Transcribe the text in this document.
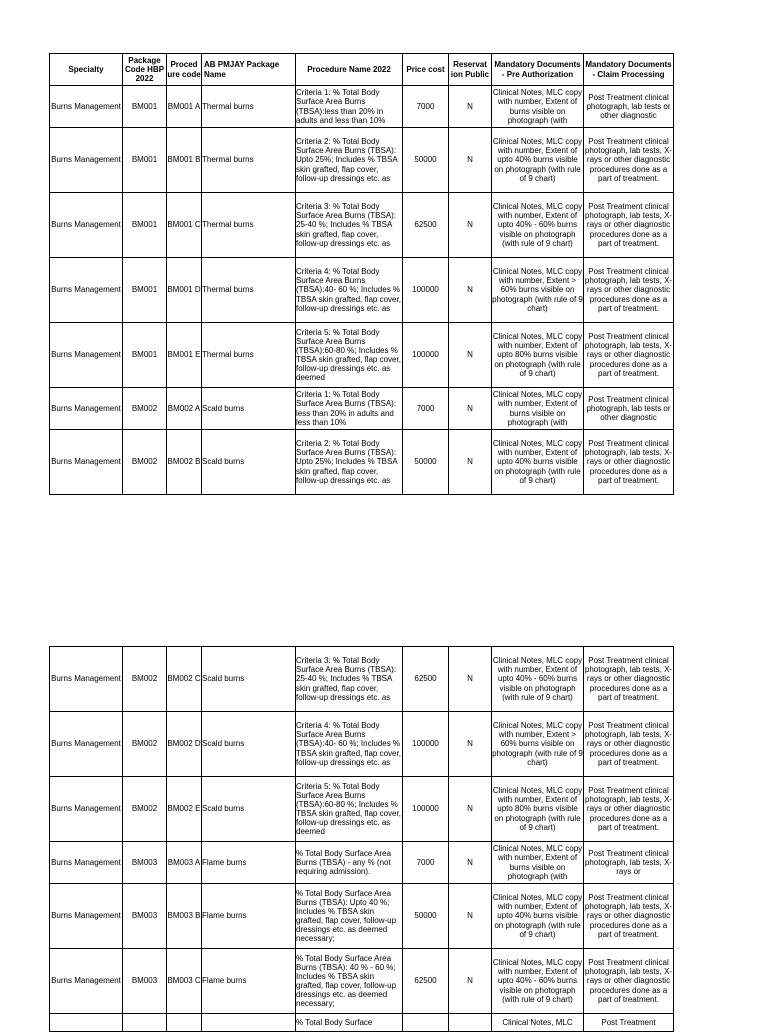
Specialty	Package Code HBP 2022	Proced ure code	AB PMJAY Package Name	Procedure Name 2022	Price cost	Reservat ion Public	Mandatory Documents - Pre Authorization	Mandatory Documents - Claim Processing

Burns Management	BM001	BM001 A	Thermal burns	Criteria 1: % Total Body Surface Area Burns (TBSA):less than 20% in adults and less than 10%	7000	N	Clinical Notes, MLC copy with number, Extent of burns visible on photograph (with	Post Treatment clinical photograph, lab tests or other diagnostic

Burns Management	BM001	BM001 B	Thermal burns	Criteria 2: % Total Body Surface Area Burns (TBSA): Upto 25%; Includes % TBSA skin grafted, flap cover, follow-up dressings etc. as	50000	N	Clinical Notes, MLC copy with number, Extent of upto 40% burns visible on photograph (with rule of 9 chart)	Post Treatment clinical photograph, lab tests, X-rays or other diagnostic procedures done as a part of treatment.

Burns Management	BM001	BM001 C	Thermal burns	Criteria 3: % Total Body Surface Area Burns (TBSA): 25-40 %; Includes % TBSA skin grafted, flap cover, follow-up dressings etc. as	62500	N	Clinical Notes, MLC copy with number, Extent of upto 40% - 60% burns visible on photograph (with rule of 9 chart)	Post Treatment clinical photograph, lab tests, X-rays or other diagnostic procedures done as a part of treatment.

Burns Management	BM001	BM001 D	Thermal burns	Criteria 4: % Total Body Surface Area Burns (TBSA):40- 60 %; Includes % TBSA skin grafted, flap cover, follow-up dressings etc. as	100000	N	Clinical Notes, MLC copy with number, Extent > 60% burns visible on photograph (with rule of 9 chart)	Post Treatment clinical photograph, lab tests, X-rays or other diagnostic procedures done as a part of treatment.

Burns Management	BM001	BM001 E	Thermal burns	Criteria 5: % Total Body Surface Area Burns (TBSA):60-80 %; Includes % TBSA skin grafted, flap cover, follow-up dressings etc. as deemed	100000	N	Clinical Notes, MLC copy with number, Extent of upto 80% burns visible on photograph (with rule of 9 chart)	Post Treatment clinical photograph, lab tests, X-rays or other diagnostic procedures done as a part of treatment.

Burns Management	BM002	BM002 A	Scald burns	Criteria 1: % Total Body Surface Area Burns (TBSA): less than 20% in adults and less than 10%	7000	N	Clinical Notes, MLC copy with number, Extent of burns visible on photograph (with	Post Treatment clinical photograph, lab tests or other diagnostic

Burns Management	BM002	BM002 B	Scald burns	Criteria 2: % Total Body Surface Area Burns (TBSA): Upto 25%; Includes % TBSA skin grafted, flap cover, follow-up dressings etc. as	50000	N	Clinical Notes, MLC copy with number, Extent of upto 40% burns visible on photograph (with rule of 9 chart)	Post Treatment clinical photograph, lab tests, X-rays or other diagnostic procedures done as a part of treatment.
Burns Management	BM002	BM002 C	Scald burns	Criteria 3: % Total Body Surface Area Burns (TBSA): 25-40 %; Includes % TBSA skin grafted, flap cover, follow-up dressings etc. as	62500	N	Clinical Notes, MLC copy with number, Extent of upto 40% - 60% burns visible on photograph (with rule of 9 chart)	Post Treatment clinical photograph, lab tests, X-rays or other diagnostic procedures done as a part of treatment.

Burns Management	BM002	BM002 D	Scald burns	Criteria 4: % Total Body Surface Area Burns (TBSA):40- 60 %; Includes % TBSA skin grafted, flap cover, follow-up dressings etc. as	100000	N	Clinical Notes, MLC copy with number, Extent > 60% burns visible on photograph (with rule of 9 chart)	Post Treatment clinical photograph, lab tests, X-rays or other diagnostic procedures done as a part of treatment.

Burns Management	BM002	BM002 E	Scald burns	Criteria 5: % Total Body Surface Area Burns (TBSA):60-80 %; Includes % TBSA skin grafted, flap cover, follow-up dressings etc. as deemed	100000	N	Clinical Notes, MLC copy with number, Extent of upto 80% burns visible on photograph (with rule of 9 chart)	Post Treatment clinical photograph, lab tests, X-rays or other diagnostic procedures done as a part of treatment.

Burns Management	BM003	BM003 A	Flame burns	% Total Body Surface Area Burns (TBSA) - any % (not requiring admission).	7000	N	Clinical Notes, MLC copy with number, Extent of burns visible on photograph (with	Post Treatment clinical photograph, lab tests, X-rays or

Burns Management	BM003	BM003 B	Flame burns	% Total Body Surface Area Burns (TBSA): Upto 40 %; Includes % TBSA skin grafted, flap cover, follow-up dressings etc. as deemed necessary;	50000	N	Clinical Notes, MLC copy with number, Extent of upto 40% burns visible on photograph (with rule of 9 chart)	Post Treatment clinical photograph, lab tests, X-rays or other diagnostic procedures done as a part of treatment.

Burns Management	BM003	BM003 C	Flame burns	% Total Body Surface Area Burns (TBSA): 40 % - 60 %; Includes % TBSA skin grafted, flap cover, follow-up dressings etc. as deemed necessary;	62500	N	Clinical Notes, MLC copy with number, Extent of upto 40% - 60% burns visible on photograph (with rule of 9 chart)	Post Treatment clinical photograph, lab tests, X-rays or other diagnostic procedures done as a part of treatment.

				% Total Body Surface			Clinical Notes, MLC	Post Treatment
